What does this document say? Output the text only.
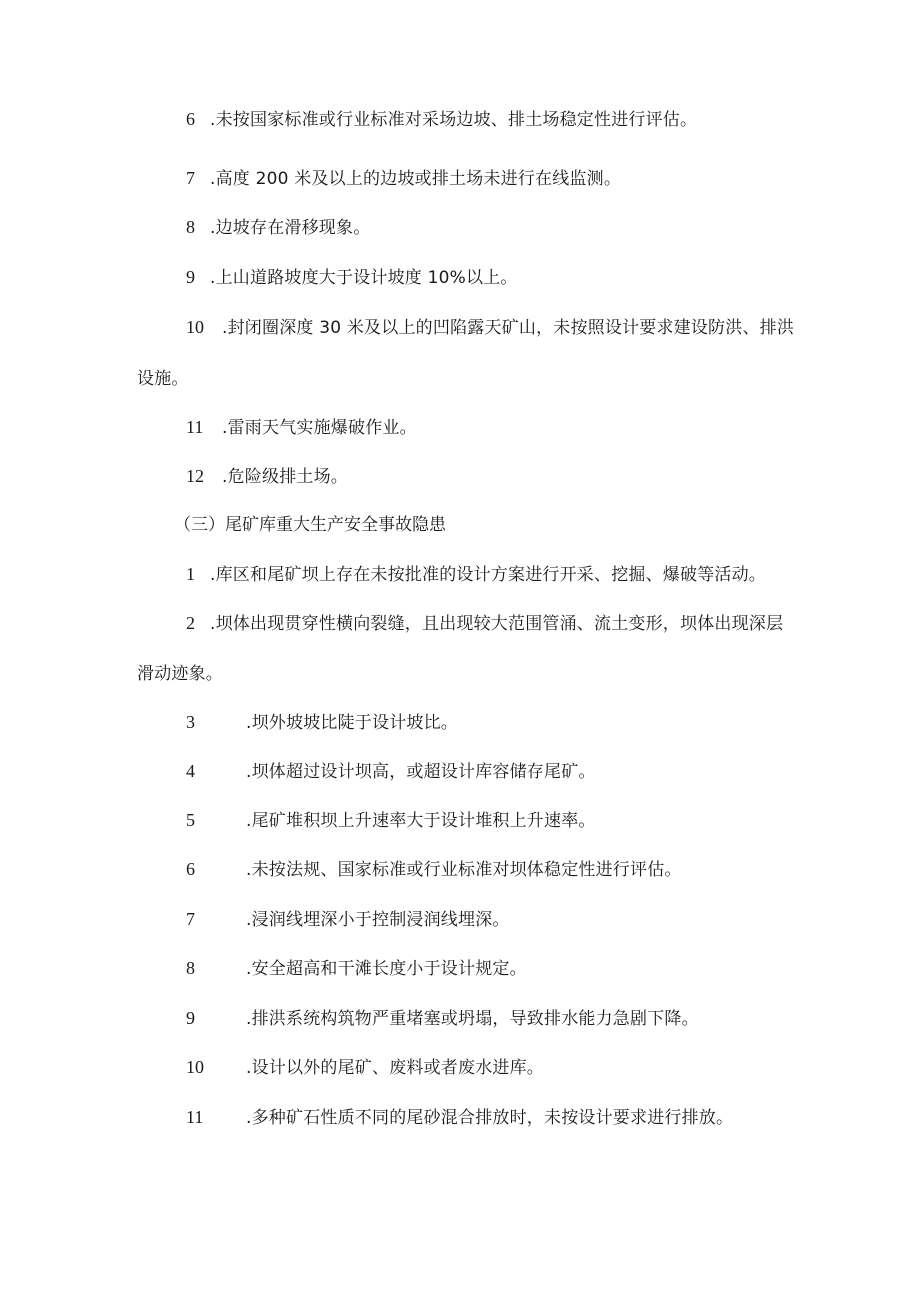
6 .未按国家标准或行业标准对采场边坡、排土场稳定性进行评估。
7 .高度 200 米及以上的边坡或排土场未进行在线监测。
8 .边坡存在滑移现象。
9 .上山道路坡度大于设计坡度 10%以上。
10 .封闭圈深度 30 米及以上的凹陷露天矿山，未按照设计要求建设防洪、排洪
设施。
11 .雷雨天气实施爆破作业。
12 .危险级排土场。
（三）尾矿库重大生产安全事故隐患
1 .库区和尾矿坝上存在未按批准的设计方案进行开采、挖掘、爆破等活动。
2 .坝体出现贯穿性横向裂缝，且出现较大范围管涌、流土变形，坝体出现深层
滑动迹象。
3	.坝外坡坡比陡于设计坡比。
4	.坝体超过设计坝高，或超设计库容储存尾矿。
5	.尾矿堆积坝上升速率大于设计堆积上升速率。
6	.未按法规、国家标准或行业标准对坝体稳定性进行评估。
7	.浸润线埋深小于控制浸润线埋深。
8	.安全超高和干滩长度小于设计规定。
9	.排洪系统构筑物严重堵塞或坍塌，导致排水能力急剧下降。
10 .设计以外的尾矿、废料或者废水进库。
11	.多种矿石性质不同的尾砂混合排放时，未按设计要求进行排放。
